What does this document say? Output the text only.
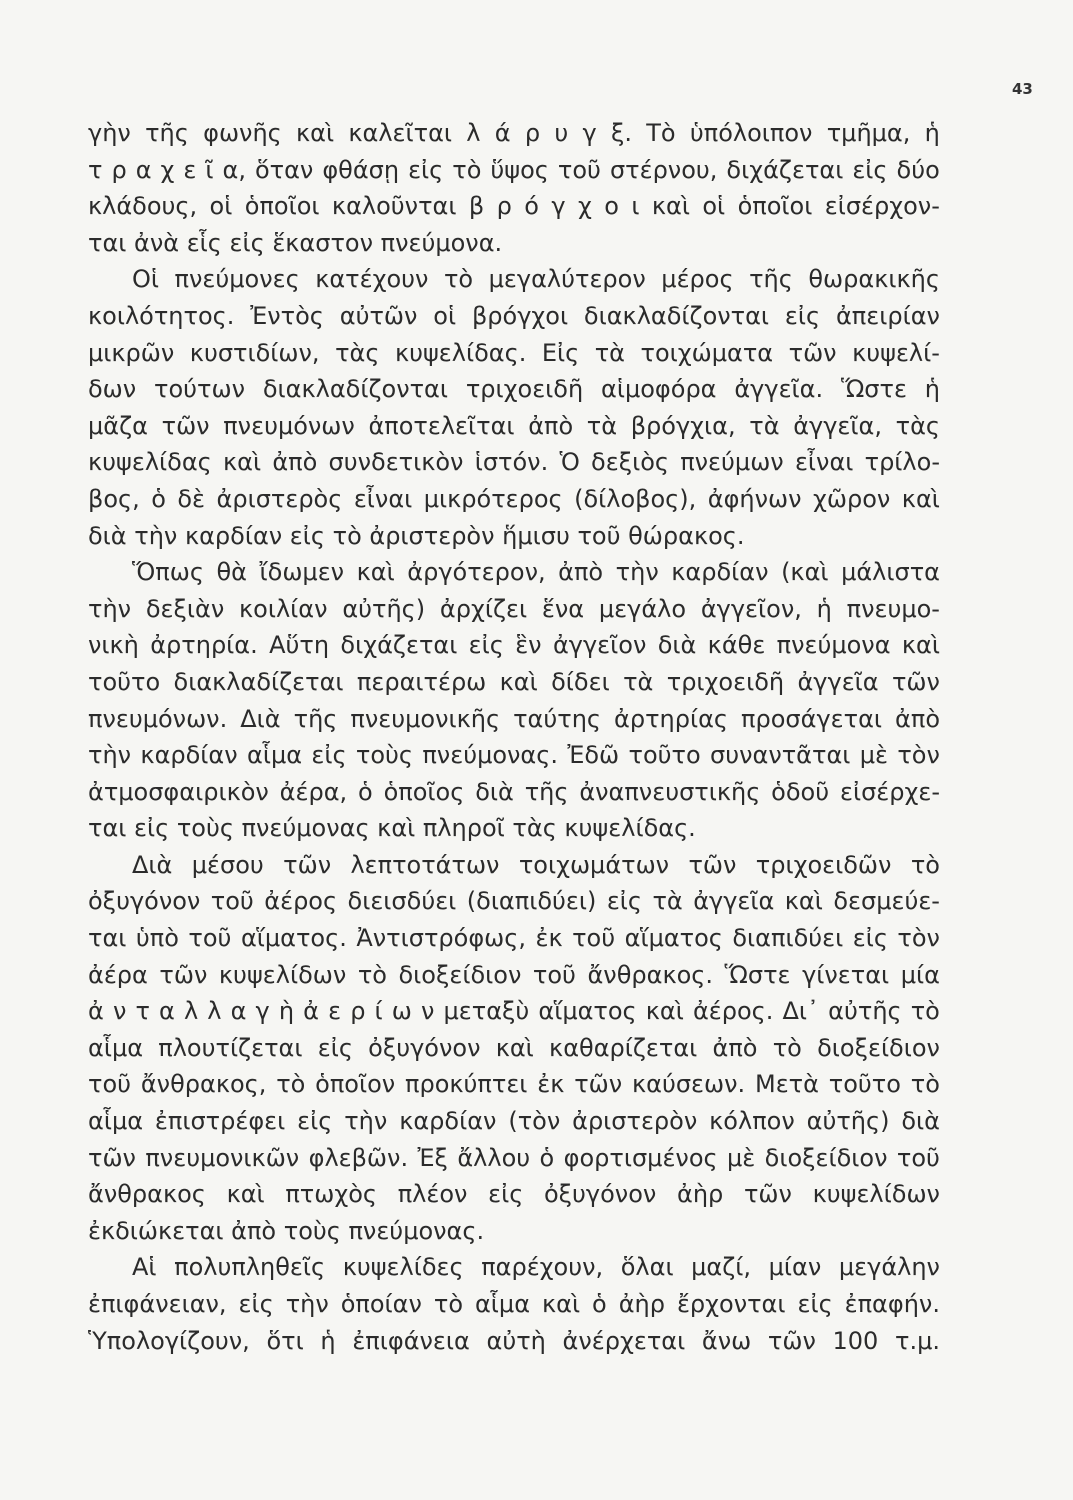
43
γὴν τῆς φωνῆς καὶ καλεῖται λ ά ρ υ γ ξ. Τὸ ὑπόλοιπον τμῆμα, ἡ
τ ρ α χ ε ῖ α, ὅταν φθάσῃ εἰς τὸ ὕψος τοῦ στέρνου, διχάζεται εἰς δύο
κλάδους, οἱ ὁποῖοι καλοῦνται β ρ ό γ χ ο ι καὶ οἱ ὁποῖοι εἰσέρχον-
ται ἀνὰ εἷς εἰς ἕκαστον πνεύμονα.
Οἱ πνεύμονες κατέχουν τὸ μεγαλύτερον μέρος τῆς θωρακικῆς
κοιλότητος. Ἐντὸς αὐτῶν οἱ βρόγχοι διακλαδίζονται εἰς ἀπειρίαν
μικρῶν κυστιδίων, τὰς κυψελίδας. Εἰς τὰ τοιχώματα τῶν κυψελί-
δων τούτων διακλαδίζονται τριχοειδῆ αἱμοφόρα ἀγγεῖα. Ὥστε ἡ
μᾶζα τῶν πνευμόνων ἀποτελεῖται ἀπὸ τὰ βρόγχια, τὰ ἀγγεῖα, τὰς
κυψελίδας καὶ ἀπὸ συνδετικὸν ἱστόν. Ὁ δεξιὸς πνεύμων εἶναι τρίλο-
βος, ὁ δὲ ἀριστερὸς εἶναι μικρότερος (δίλοβος), ἀφήνων χῶρον καὶ
διὰ τὴν καρδίαν εἰς τὸ ἀριστερὸν ἥμισυ τοῦ θώρακος.
Ὅπως θὰ ἴδωμεν καὶ ἀργότερον, ἀπὸ τὴν καρδίαν (καὶ μάλιστα
τὴν δεξιὰν κοιλίαν αὐτῆς) ἀρχίζει ἕνα μεγάλο ἀγγεῖον, ἡ πνευμο-
νικὴ ἀρτηρία. Αὕτη διχάζεται εἰς ἓν ἀγγεῖον διὰ κάθε πνεύμονα καὶ
τοῦτο διακλαδίζεται περαιτέρω καὶ δίδει τὰ τριχοειδῆ ἀγγεῖα τῶν
πνευμόνων. Διὰ τῆς πνευμονικῆς ταύτης ἀρτηρίας προσάγεται ἀπὸ
τὴν καρδίαν αἷμα εἰς τοὺς πνεύμονας. Ἐδῶ τοῦτο συναντᾶται μὲ τὸν
ἀτμοσφαιρικὸν ἀέρα, ὁ ὁποῖος διὰ τῆς ἀναπνευστικῆς ὁδοῦ εἰσέρχε-
ται εἰς τοὺς πνεύμονας καὶ πληροῖ τὰς κυψελίδας.
Διὰ μέσου τῶν λεπτοτάτων τοιχωμάτων τῶν τριχοειδῶν τὸ
ὀξυγόνον τοῦ ἀέρος διεισδύει (διαπιδύει) εἰς τὰ ἀγγεῖα καὶ δεσμεύε-
ται ὑπὸ τοῦ αἵματος. Ἀντιστρόφως, ἐκ τοῦ αἵματος διαπιδύει εἰς τὸν
ἀέρα τῶν κυψελίδων τὸ διοξείδιον τοῦ ἄνθρακος. Ὥστε γίνεται μία
ἀ ν τ α λ λ α γ ὴ ἀ ε ρ ί ω ν μεταξὺ αἵματος καὶ ἀέρος. Δι᾽ αὐτῆς τὸ
αἷμα πλουτίζεται εἰς ὀξυγόνον καὶ καθαρίζεται ἀπὸ τὸ διοξείδιον
τοῦ ἄνθρακος, τὸ ὁποῖον προκύπτει ἐκ τῶν καύσεων. Μετὰ τοῦτο τὸ
αἷμα ἐπιστρέφει εἰς τὴν καρδίαν (τὸν ἀριστερὸν κόλπον αὐτῆς) διὰ
τῶν πνευμονικῶν φλεβῶν. Ἐξ ἄλλου ὁ φορτισμένος μὲ διοξείδιον τοῦ
ἄνθρακος καὶ πτωχὸς πλέον εἰς ὀξυγόνον ἀὴρ τῶν κυψελίδων
ἐκδιώκεται ἀπὸ τοὺς πνεύμονας.
Αἱ πολυπληθεῖς κυψελίδες παρέχουν, ὅλαι μαζί, μίαν μεγάλην
ἐπιφάνειαν, εἰς τὴν ὁποίαν τὸ αἷμα καὶ ὁ ἀὴρ ἔρχονται εἰς ἐπαφήν.
Ὑπολογίζουν, ὅτι ἡ ἐπιφάνεια αὐτὴ ἀνέρχεται ἄνω τῶν 100 τ.μ.
